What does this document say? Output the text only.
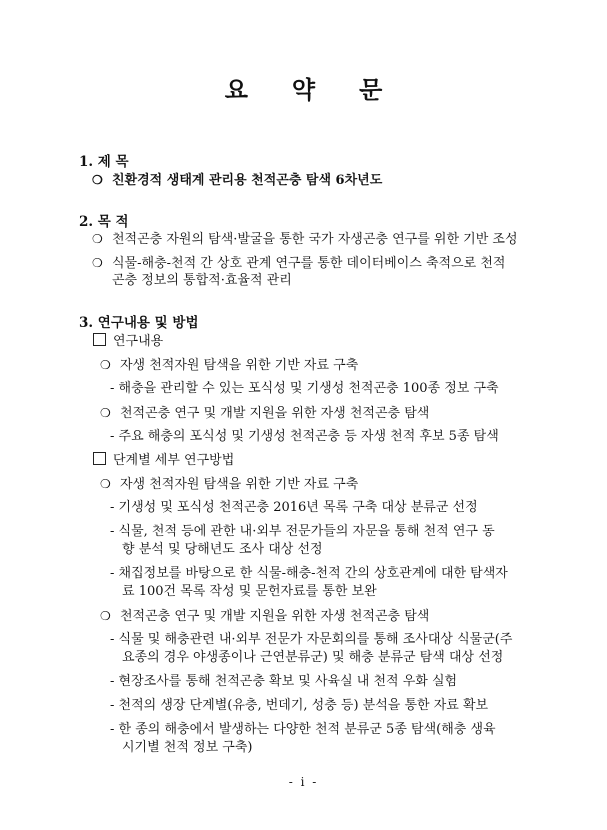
요 약 문
1. 제 목
❍ 친환경적 생태계 관리용 천적곤충 탐색 6차년도
2. 목 적
❍ 천적곤충 자원의 탐색·발굴을 통한 국가 자생곤충 연구를 위한 기반 조성
❍ 식물-해충-천적 간 상호 관계 연구를 통한 데이터베이스 축적으로 천적
곤충 정보의 통합적·효율적 관리
3. 연구내용 및 방법
연구내용
❍ 자생 천적자원 탐색을 위한 기반 자료 구축
- 해충을 관리할 수 있는 포식성 및 기생성 천적곤충 100종 정보 구축
❍ 천적곤충 연구 및 개발 지원을 위한 자생 천적곤충 탐색
- 주요 해충의 포식성 및 기생성 천적곤충 등 자생 천적 후보 5종 탐색
단계별 세부 연구방법
❍ 자생 천적자원 탐색을 위한 기반 자료 구축
- 기생성 및 포식성 천적곤충 2016년 목록 구축 대상 분류군 선정
- 식물, 천적 등에 관한 내·외부 전문가들의 자문을 통해 천적 연구 동
향 분석 및 당해년도 조사 대상 선정
- 채집정보를 바탕으로 한 식물-해충-천적 간의 상호관계에 대한 탐색자
료 100건 목록 작성 및 문헌자료를 통한 보완
❍ 천적곤충 연구 및 개발 지원을 위한 자생 천적곤충 탐색
- 식물 및 해충관련 내·외부 전문가 자문회의를 통해 조사대상 식물군(주
요종의 경우 야생종이나 근연분류군) 및 해충 분류군 탐색 대상 선정
- 현장조사를 통해 천적곤충 확보 및 사육실 내 천적 우화 실험
- 천적의 생장 단계별(유충, 번데기, 성충 등) 분석을 통한 자료 확보
- 한 종의 해충에서 발생하는 다양한 천적 분류군 5종 탐색(해충 생육
시기별 천적 정보 구축)
- i -
